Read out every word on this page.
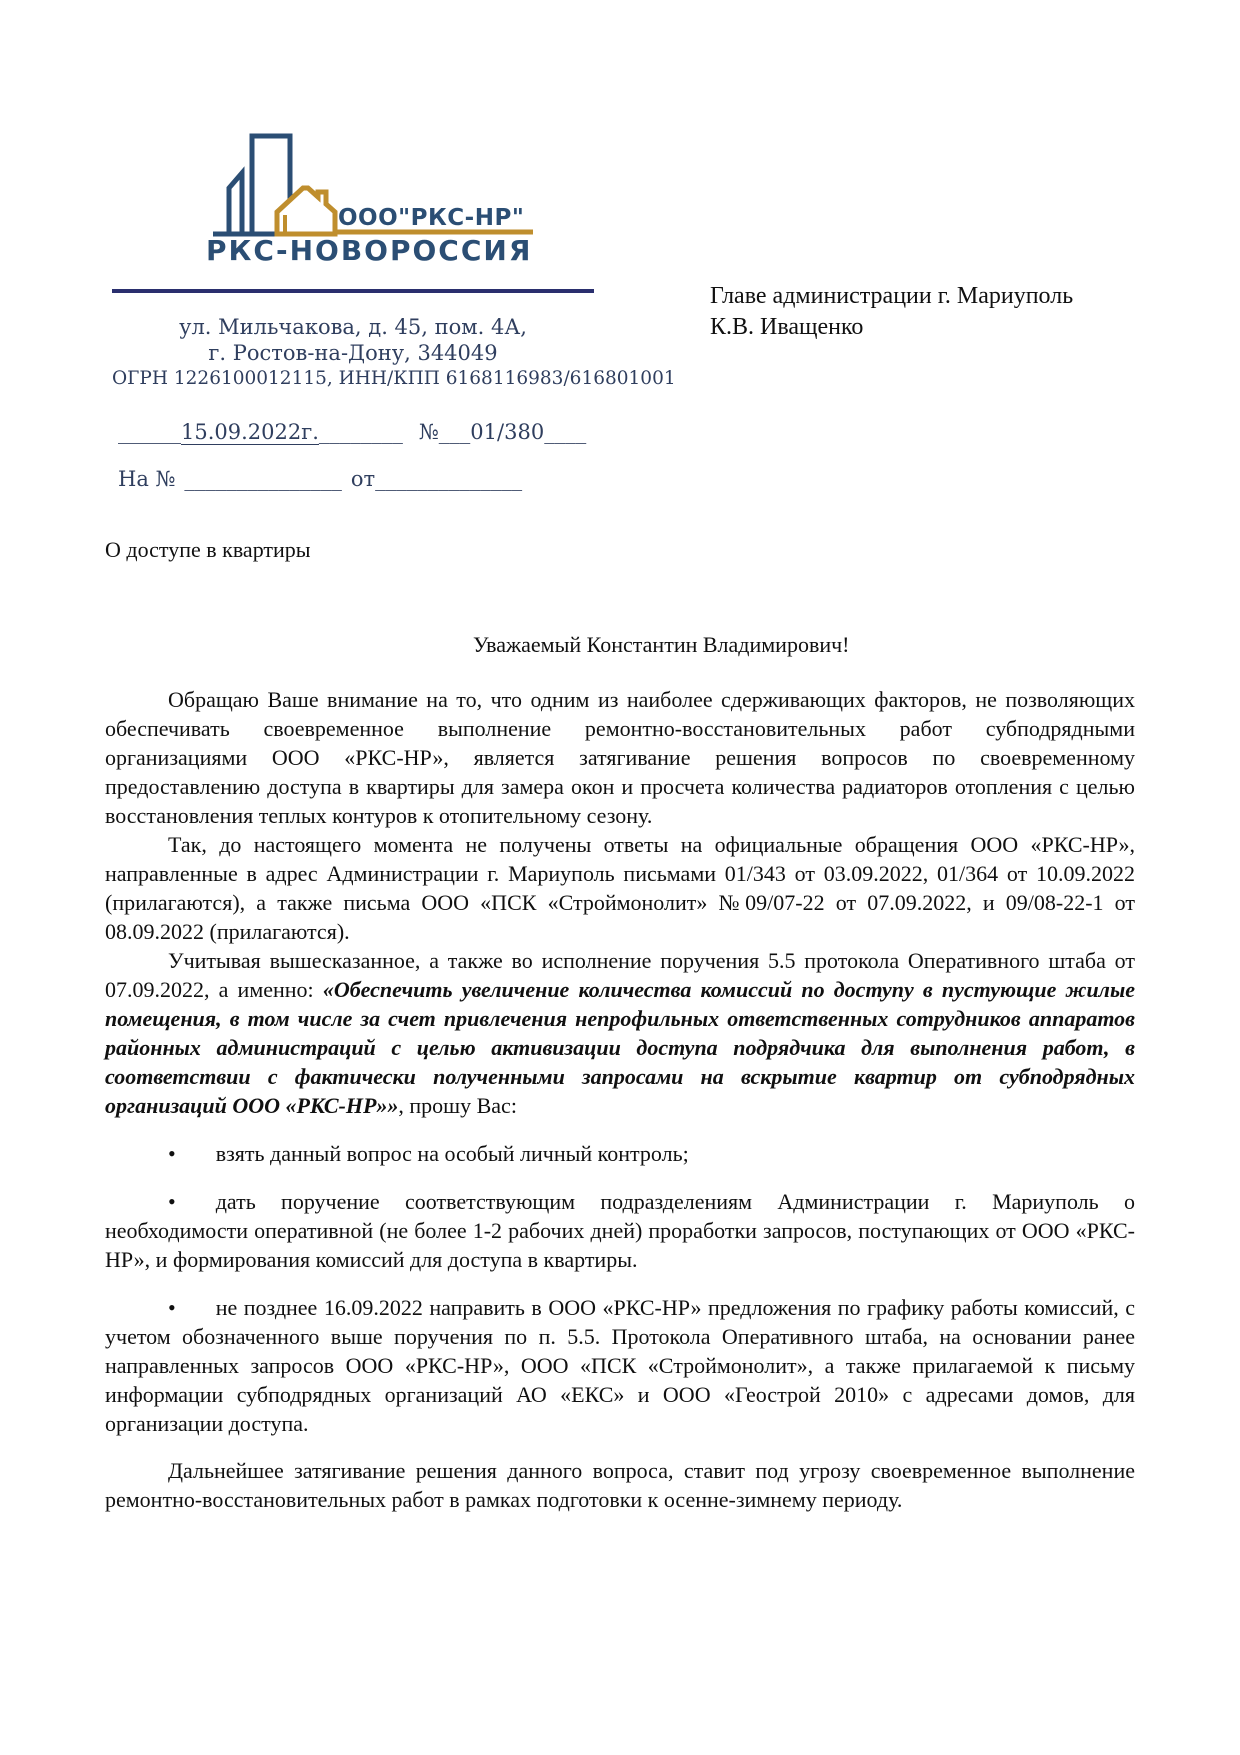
ООО"РКС-НР"
РКС-НОВОРОССИЯ
ул. Мильчакова, д. 45, пом. 4А,
г. Ростов-на-Дону, 344049
ОГРН 1226100012115, ИНН/КПП 6168116983/616801001
______15.09.2022г.________ №___01/380____
На № _______________ от______________
Главе администрации г. Мариуполь
К.В. Иващенко
О доступе в квартиры
Уважаемый Константин Владимирович!

Обращаю Ваше внимание на то, что одним из наиболее сдерживающих факторов, не позволяющих обеспечивать своевременное выполнение ремонтно-восстановительных работ субподрядными организациями ООО «РКС-НР», является затягивание решения вопросов по своевременному предоставлению доступа в квартиры для замера окон и просчета количества радиаторов отопления с целью восстановления теплых контуров к отопительному сезону.

Так, до настоящего момента не получены ответы на официальные обращения ООО «РКС-НР», направленные в адрес Администрации г. Мариуполь письмами 01/343 от 03.09.2022, 01/364 от 10.09.2022 (прилагаются), а также письма ООО «ПСК «Строймонолит» №09/07-22 от 07.09.2022, и 09/08-22-1 от 08.09.2022 (прилагаются).

Учитывая вышесказанное, а также во исполнение поручения 5.5 протокола Оперативного штаба от 07.09.2022, а именно: «Обеспечить увеличение количества комиссий по доступу в пустующие жилые помещения, в том числе за счет привлечения непрофильных ответственных сотрудников аппаратов районных администраций с целью активизации доступа подрядчика для выполнения работ, в соответствии с фактически полученными запросами на вскрытие квартир от субподрядных организаций ООО «РКС-НР»», прошу Вас:

• взять данный вопрос на особый личный контроль;

• дать поручение соответствующим подразделениям Администрации г. Мариуполь о необходимости оперативной (не более 1-2 рабочих дней) проработки запросов, поступающих от ООО «РКС-НР», и формирования комиссий для доступа в квартиры.

• не позднее 16.09.2022 направить в ООО «РКС-НР» предложения по графику работы комиссий, с учетом обозначенного выше поручения по п. 5.5. Протокола Оперативного штаба, на основании ранее направленных запросов ООО «РКС-НР», ООО «ПСК «Строймонолит», а также прилагаемой к письму информации субподрядных организаций АО «ЕКС» и ООО «Геострой 2010» с адресами домов, для организации доступа.

Дальнейшее затягивание решения данного вопроса, ставит под угрозу своевременное выполнение ремонтно-восстановительных работ в рамках подготовки к осенне-зимнему периоду.
